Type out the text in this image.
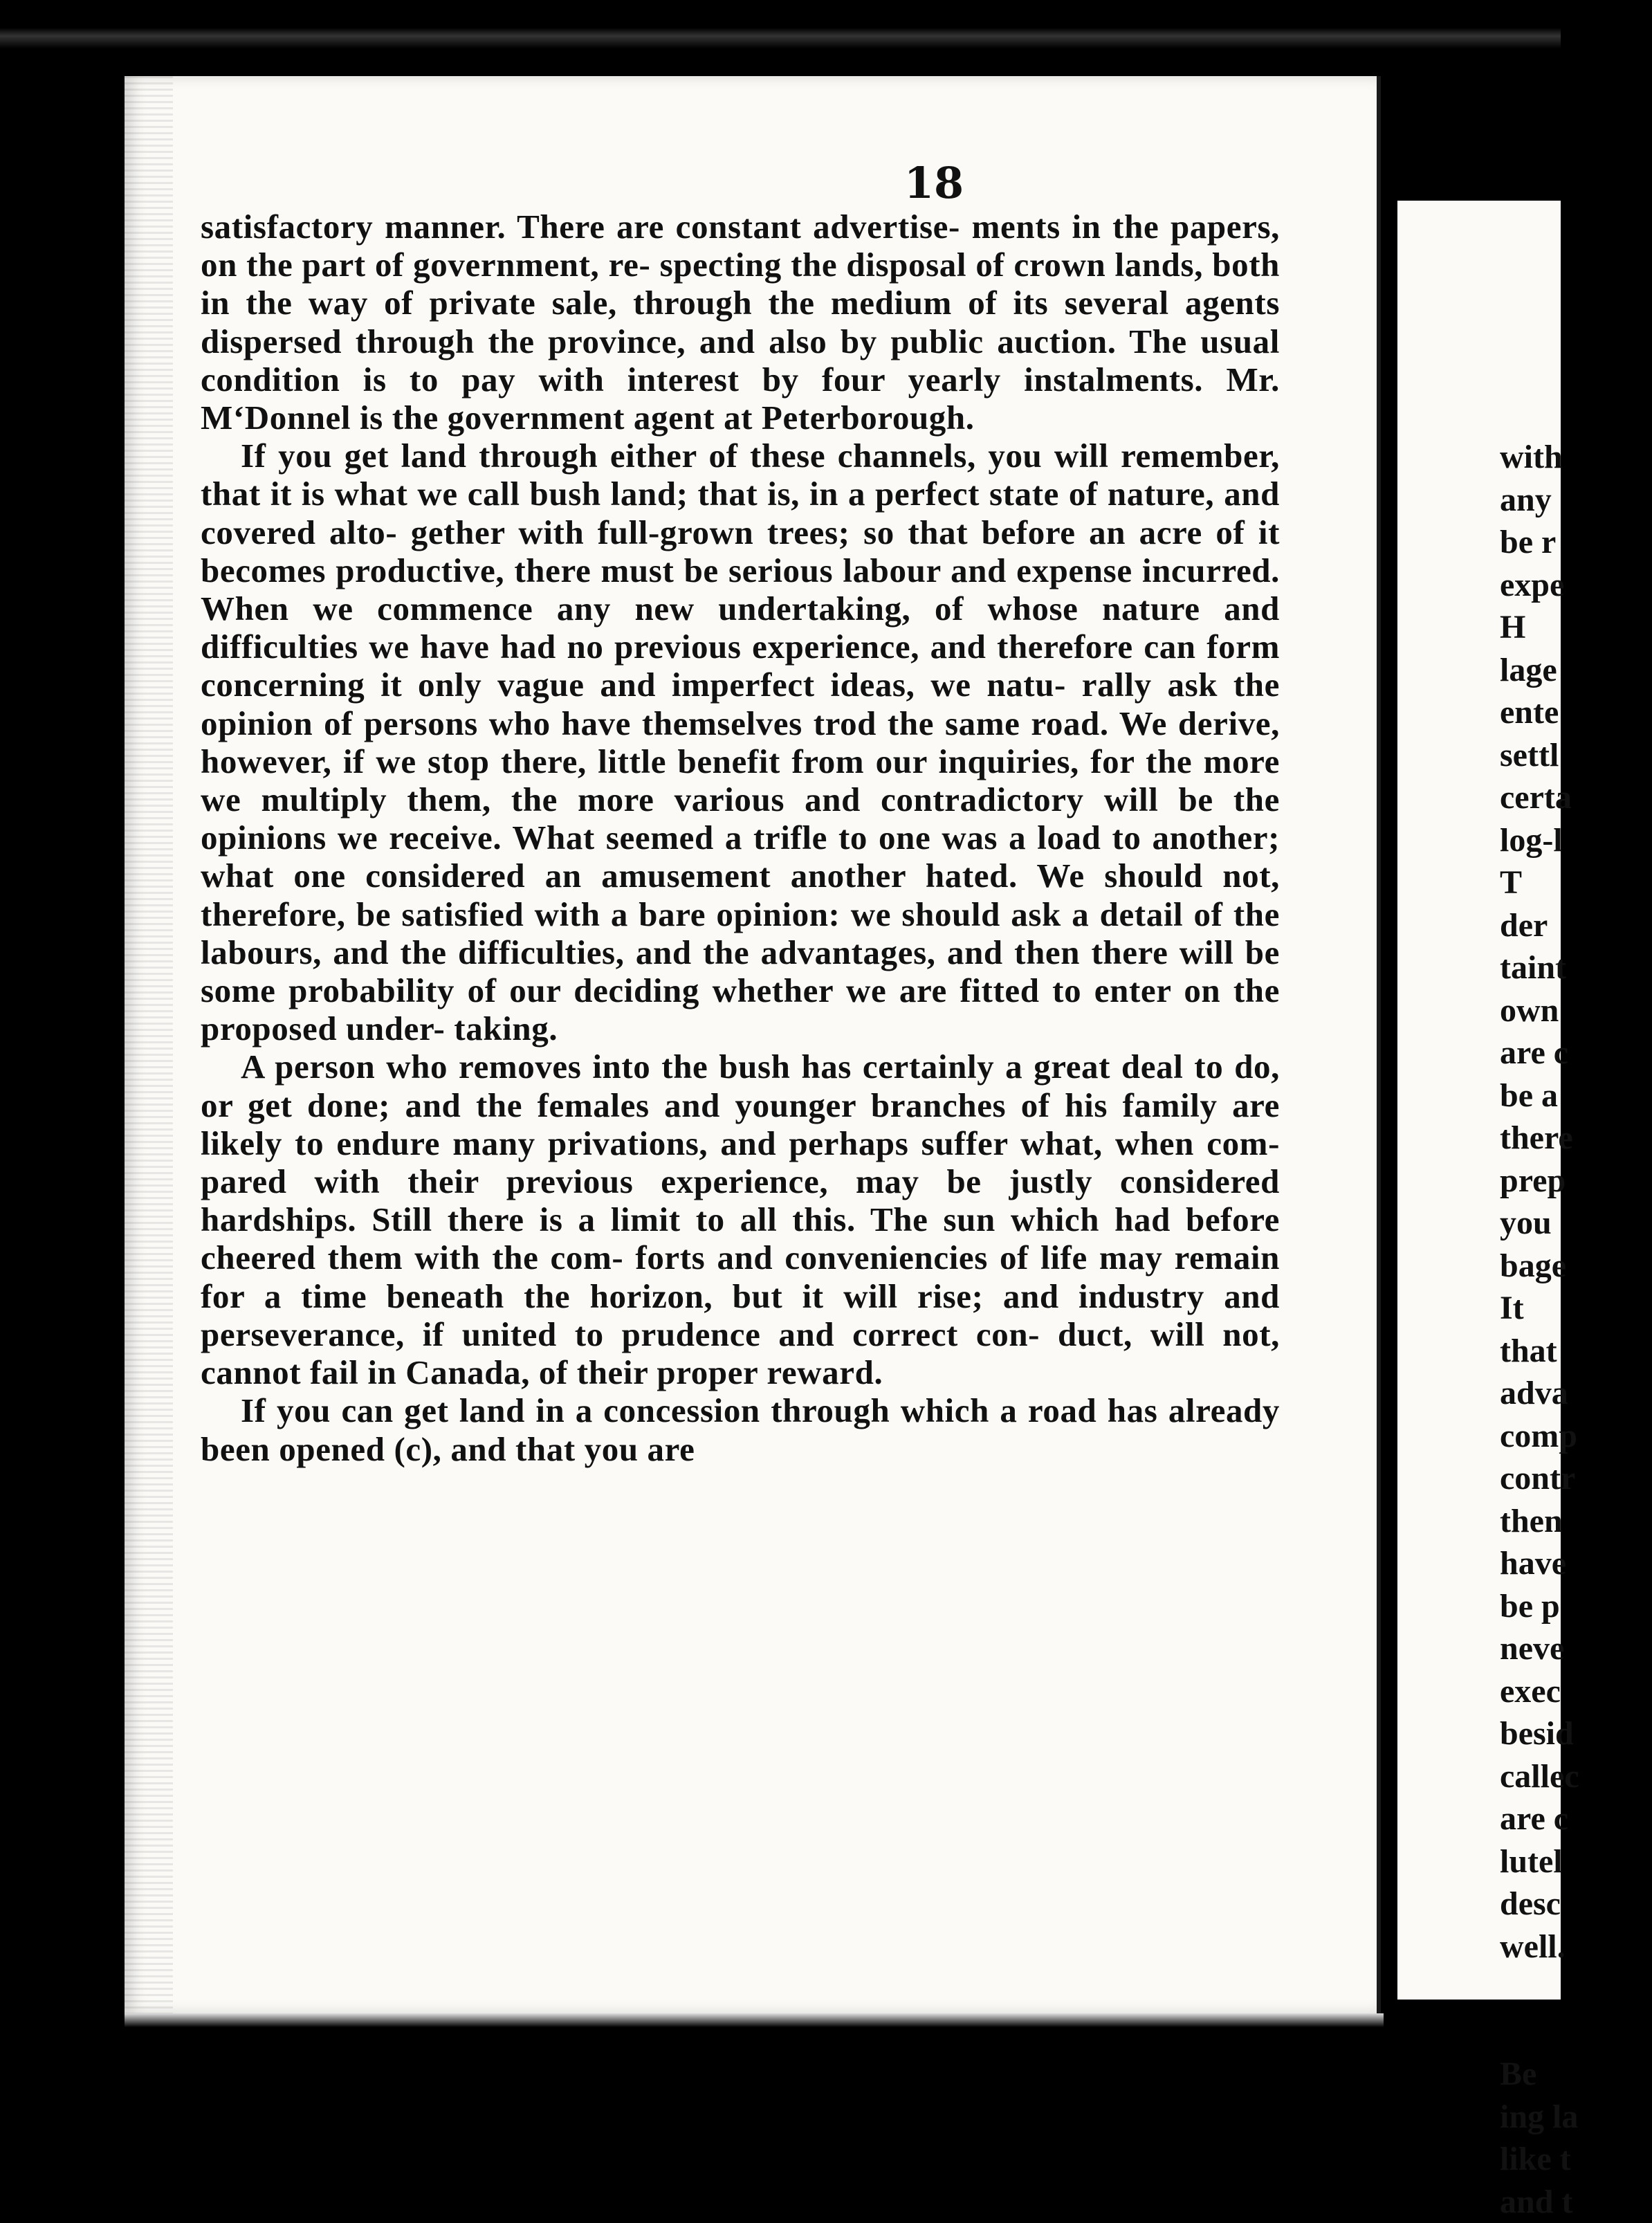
18

satisfactory manner. There are constant advertise- ments in the papers, on the part of government, re- specting the disposal of crown lands, both in the way of private sale, through the medium of its several agents dispersed through the province, and also by public auction. The usual condition is to pay with interest by four yearly instalments. Mr. M‘Donnel is the government agent at Peterborough.

If you get land through either of these channels, you will remember, that it is what we call bush land; that is, in a perfect state of nature, and covered alto- gether with full-grown trees; so that before an acre of it becomes productive, there must be serious labour and expense incurred. When we commence any new undertaking, of whose nature and difficulties we have had no previous experience, and therefore can form concerning it only vague and imperfect ideas, we natu- rally ask the opinion of persons who have themselves trod the same road. We derive, however, if we stop there, little benefit from our inquiries, for the more we multiply them, the more various and contradictory will be the opinions we receive. What seemed a trifle to one was a load to another; what one considered an amusement another hated. We should not, therefore, be satisfied with a bare opinion: we should ask a detail of the labours, and the difficulties, and the advantages, and then there will be some probability of our deciding whether we are fitted to enter on the proposed under- taking.

A person who removes into the bush has certainly a great deal to do, or get done; and the females and younger branches of his family are likely to endure many privations, and perhaps suffer what, when com- pared with their previous experience, may be justly considered hardships. Still there is a limit to all this. The sun which had before cheered them with the com- forts and conveniencies of life may remain for a time beneath the horizon, but it will rise; and industry and perseverance, if united to prudence and correct con- duct, will not, cannot fail in Canada, of their proper reward.

If you can get land in a concession through which a road has already been opened (c), and that you are

with
any
be r
expe
H
lage
ente
settl
certa
log-l
T
der
taint
own
are c
be a
there
prep
you
bage
It
that
adva
comp
contr
then
have
be p
neve
exec
besid
callec
are c
lutel
desc
well.
Be
ing la
like t
and t
